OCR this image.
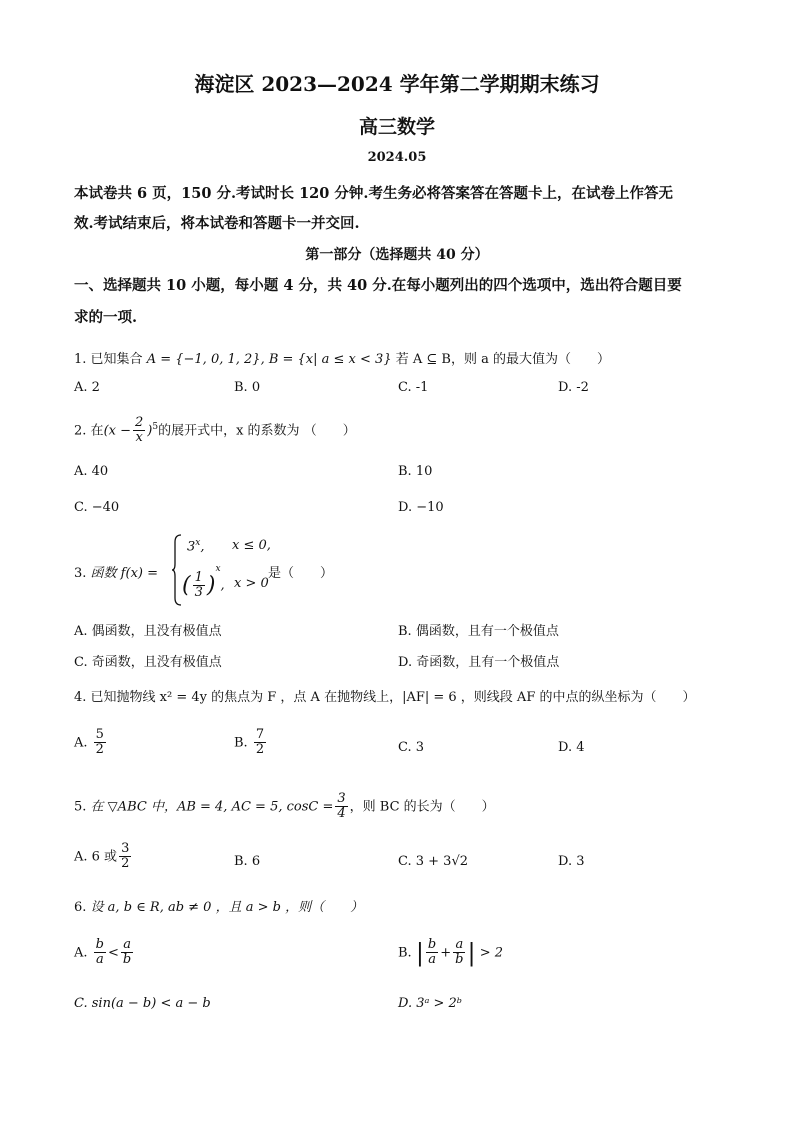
海淀区 2023—2024 学年第二学期期末练习
高三数学
2024.05
本试卷共 6 页，150 分.考试时长 120 分钟.考生务必将答案答在答题卡上，在试卷上作答无
效.考试结束后，将本试卷和答题卡一并交回.
第一部分（选择题共 40 分）
一、选择题共 10 小题，每小题 4 分，共 40 分.在每小题列出的四个选项中，选出符合题目要
求的一项.
1. 已知集合 A = {−1, 0, 1, 2}, B = {x| a ≤ x < 3} 若 A ⊆ B，则 a 的最大值为（　　）
A. 2	B. 0	C. -1	D. -2
2. 在$(x - \frac{2}{x} )^5$的展开式中，x 的系数为 （　　）
A. 40	B. 10
C. −40	D. −10
3. 函数 f(x) =
$3^x$, x ≤ 0,
( $\frac{1}{3} )^x$, x > 0
是（　　）
A. 偶函数，且没有极值点	B. 偶函数，且有一个极值点
C. 奇函数，且没有极值点	D. 奇函数，且有一个极值点
4. 已知抛物线 x² = 4y 的焦点为 F ，点 A 在抛物线上，|AF| = 6 ，则线段 AF 的中点的纵坐标为（　　）
A. $\frac{5}{2}$	B. $\frac{7}{2}$	C. 3	D. 4
5. 在 ▽ABC 中，AB = 4, AC = 5, $\cos C = \frac{3}{4}$ ，则 BC 的长为（　　）
A. 6 或 $\frac{3}{2}$	B. 6	C. 3 + 3√2	D. 3
6. 设 a, b ∈ R, ab ≠ 0 ，且 a > b ，则（　　）
A. $\frac{b}{a} < \frac{a}{b}$	B. | $\frac{b}{a} + \frac{a}{b}$ | > 2
C. sin(a − b) < a − b	D. 3ᵃ > 2ᵇ
